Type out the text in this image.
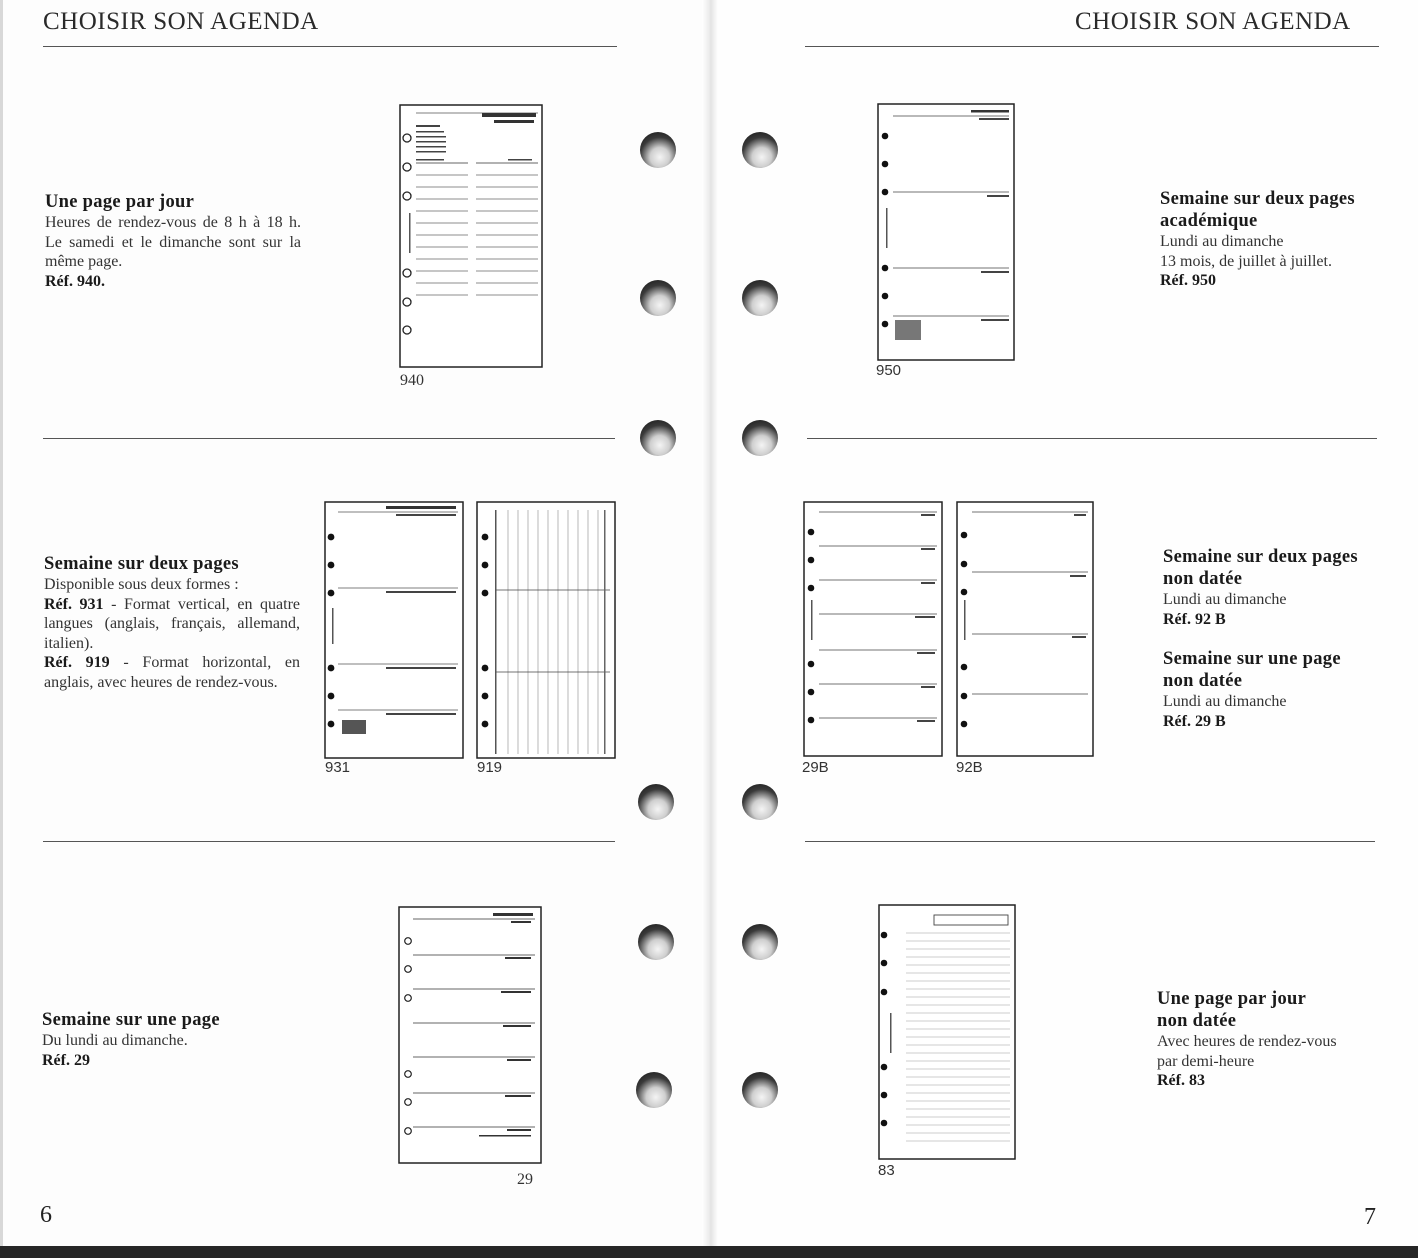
CHOISIR SON AGENDA
Une page par jour
Heures de rendez-vous de 8 h à 18 h. Le samedi et le dimanche sont sur la même page.
Réf. 940.
940
Semaine sur deux pages
Disponible sous deux formes :
Réf. 931 - Format vertical, en quatre langues (anglais, français, allemand, italien).
Réf. 919 - Format horizontal, en anglais, avec heures de rendez-vous.
931	919
Semaine sur une page
Du lundi au dimanche.
Réf. 29
29
6
CHOISIR SON AGENDA
950
Semaine sur deux pages
académique
Lundi au dimanche
13 mois, de juillet à juillet.
Réf. 950
29B	92B
Semaine sur deux pages
non datée
Lundi au dimanche
Réf. 92 B
Semaine sur une page
non datée
Lundi au dimanche
Réf. 29 B
83
Une page par jour
non datée
Avec heures de rendez-vous
par demi-heure
Réf. 83
7
